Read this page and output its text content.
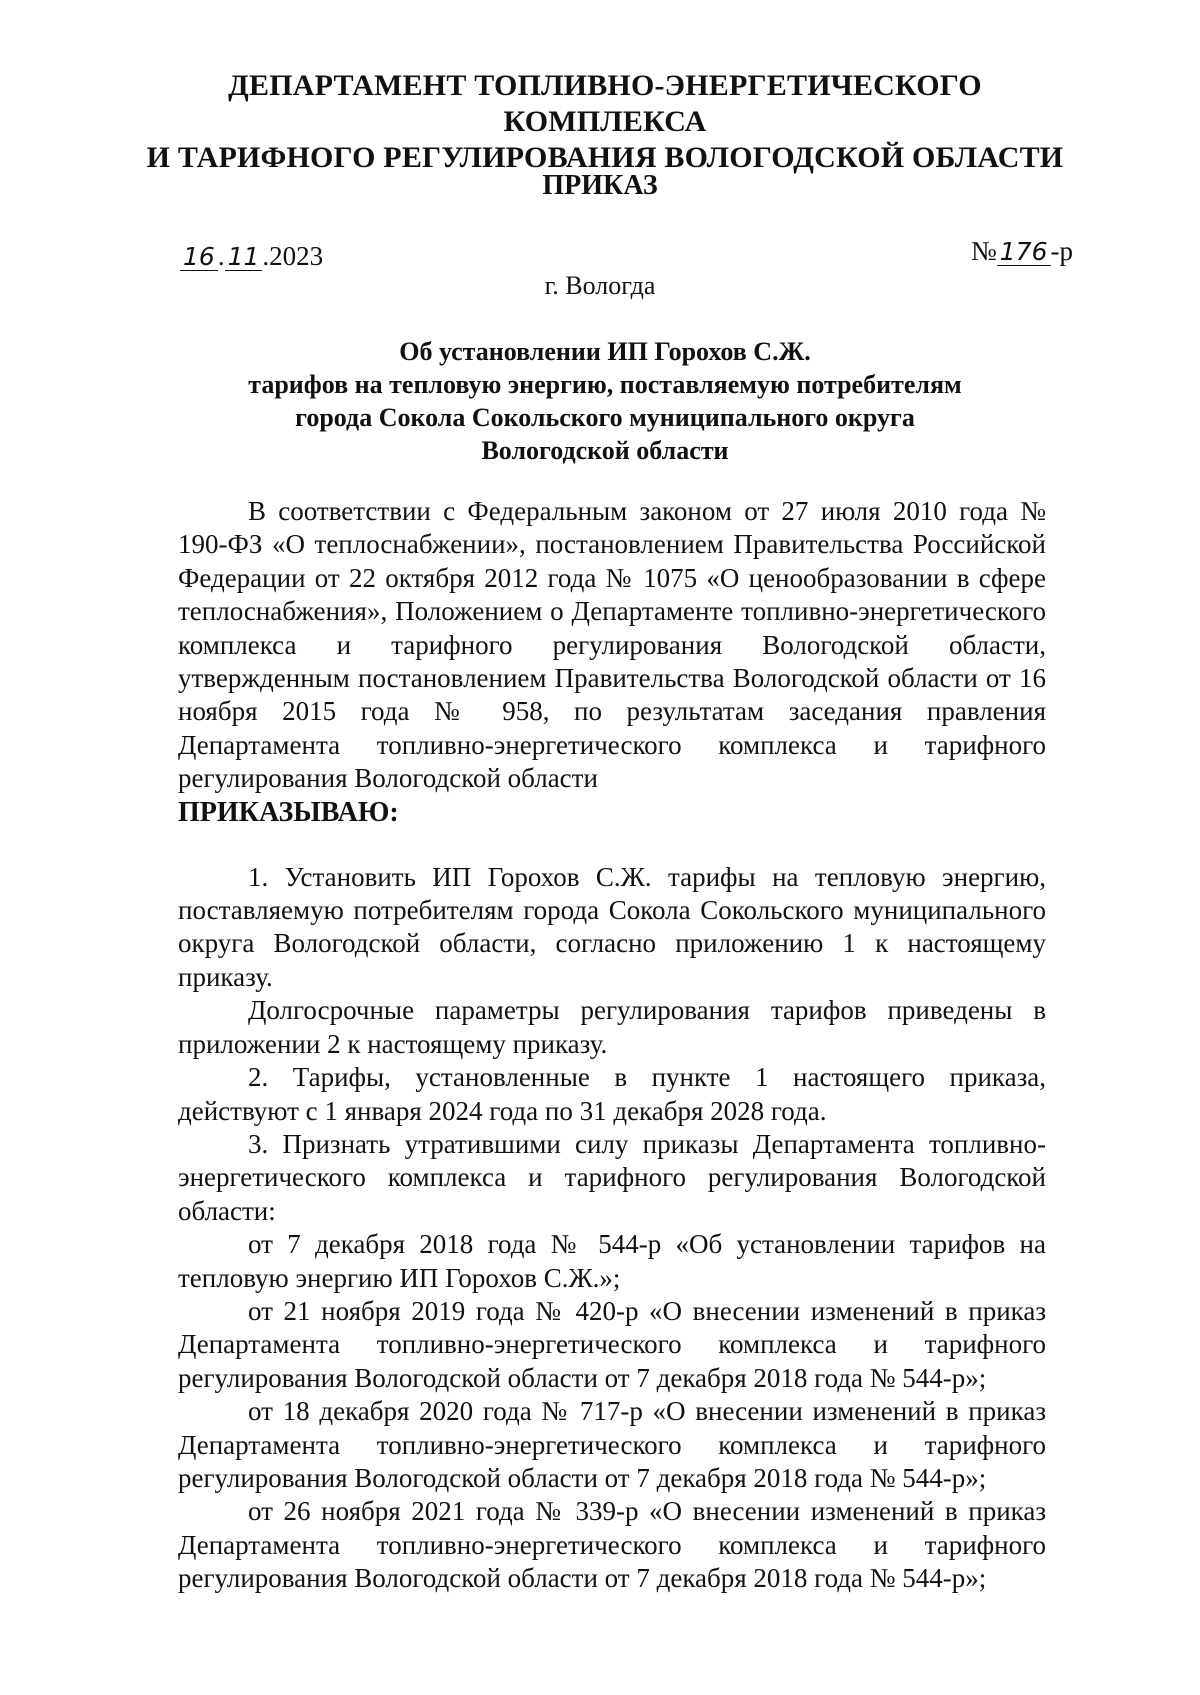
ДЕПАРТАМЕНТ ТОПЛИВНО-ЭНЕРГЕТИЧЕСКОГО КОМПЛЕКСА
И ТАРИФНОГО РЕГУЛИРОВАНИЯ ВОЛОГОДСКОЙ ОБЛАСТИ
ПРИКАЗ
16 . 11 .2023	№ 176 -р
г. Вологда
Об установлении ИП Горохов С.Ж.
тарифов на тепловую энергию, поставляемую потребителям
города Сокола Сокольского муниципального округа
Вологодской области

В соответствии с Федеральным законом от 27 июля 2010 года № 190-ФЗ «О теплоснабжении», постановлением Правительства Российской Федерации от 22 октября 2012 года № 1075 «О ценообразовании в сфере теплоснабжения», Положением о Департаменте топливно-энергетического комплекса и тарифного регулирования Вологодской области, утвержденным постановлением Правительства Вологодской области от 16 ноября 2015 года № 958, по результатам заседания правления Департамента топливно-энергетического комплекса и тарифного регулирования Вологодской области

ПРИКАЗЫВАЮ:

1. Установить ИП Горохов С.Ж. тарифы на тепловую энергию, поставляемую потребителям города Сокола Сокольского муниципального округа Вологодской области, согласно приложению 1 к настоящему приказу.

Долгосрочные параметры регулирования тарифов приведены в приложении 2 к настоящему приказу.

2. Тарифы, установленные в пункте 1 настоящего приказа, действуют с 1 января 2024 года по 31 декабря 2028 года.

3. Признать утратившими силу приказы Департамента топливно-энергетического комплекса и тарифного регулирования Вологодской области:

от 7 декабря 2018 года № 544-р «Об установлении тарифов на тепловую энергию ИП Горохов С.Ж.»;

от 21 ноября 2019 года № 420-р «О внесении изменений в приказ Департамента топливно-энергетического комплекса и тарифного регулирования Вологодской области от 7 декабря 2018 года № 544-р»;

от 18 декабря 2020 года № 717-р «О внесении изменений в приказ Департамента топливно-энергетического комплекса и тарифного регулирования Вологодской области от 7 декабря 2018 года № 544-р»;

от 26 ноября 2021 года № 339-р «О внесении изменений в приказ Департамента топливно-энергетического комплекса и тарифного регулирования Вологодской области от 7 декабря 2018 года № 544-р»;
